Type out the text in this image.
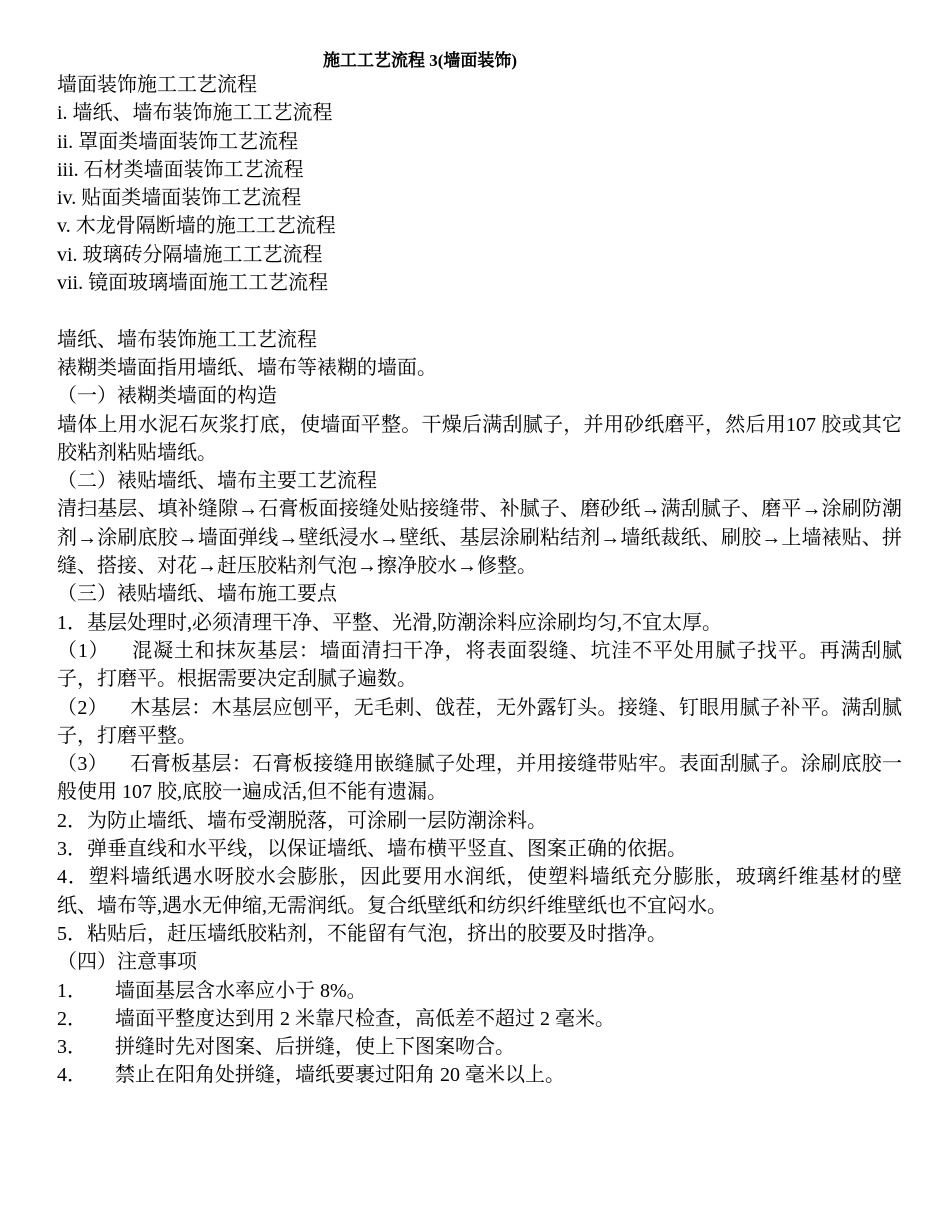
施工工艺流程 3(墙面装饰)
墙面装饰施工工艺流程
i. 墙纸、墙布装饰施工工艺流程
ii. 罩面类墙面装饰工艺流程
iii. 石材类墙面装饰工艺流程
iv. 贴面类墙面装饰工艺流程
v. 木龙骨隔断墙的施工工艺流程
vi. 玻璃砖分隔墙施工工艺流程
vii. 镜面玻璃墙面施工工艺流程
墙纸、墙布装饰施工工艺流程
裱糊类墙面指用墙纸、墙布等裱糊的墙面。
（一）裱糊类墙面的构造
墙体上用水泥石灰浆打底，使墙面平整。干燥后满刮腻子，并用砂纸磨平，然后用107 胶或其它胶粘剂粘贴墙纸。
（二）裱贴墙纸、墙布主要工艺流程
清扫基层、填补缝隙→石膏板面接缝处贴接缝带、补腻子、磨砂纸→满刮腻子、磨平→涂刷防潮剂→涂刷底胶→墙面弹线→壁纸浸水→壁纸、基层涂刷粘结剂→墙纸裁纸、刷胶→上墙裱贴、拼缝、搭接、对花→赶压胶粘剂气泡→擦净胶水→修整。
（三）裱贴墙纸、墙布施工要点
1．基层处理时,必须清理干净、平整、光滑,防潮涂料应涂刷均匀,不宜太厚。
（1） 混凝土和抹灰基层：墙面清扫干净，将表面裂缝、坑洼不平处用腻子找平。再满刮腻子，打磨平。根据需要决定刮腻子遍数。
（2） 木基层：木基层应刨平，无毛刺、戗茬，无外露钉头。接缝、钉眼用腻子补平。满刮腻子，打磨平整。
（3） 石膏板基层：石膏板接缝用嵌缝腻子处理，并用接缝带贴牢。表面刮腻子。涂刷底胶一般使用 107 胶,底胶一遍成活,但不能有遗漏。
2．为防止墙纸、墙布受潮脱落，可涂刷一层防潮涂料。
3．弹垂直线和水平线，以保证墙纸、墙布横平竖直、图案正确的依据。
4．塑料墙纸遇水呀胶水会膨胀，因此要用水润纸，使塑料墙纸充分膨胀，玻璃纤维基材的壁纸、墙布等,遇水无伸缩,无需润纸。复合纸壁纸和纺织纤维壁纸也不宜闷水。
5．粘贴后，赶压墙纸胶粘剂，不能留有气泡，挤出的胶要及时揩净。
（四）注意事项
1． 墙面基层含水率应小于 8%。
2． 墙面平整度达到用 2 米靠尺检查，高低差不超过 2 毫米。
3． 拼缝时先对图案、后拼缝，使上下图案吻合。
4． 禁止在阳角处拼缝，墙纸要裹过阳角 20 毫米以上。
